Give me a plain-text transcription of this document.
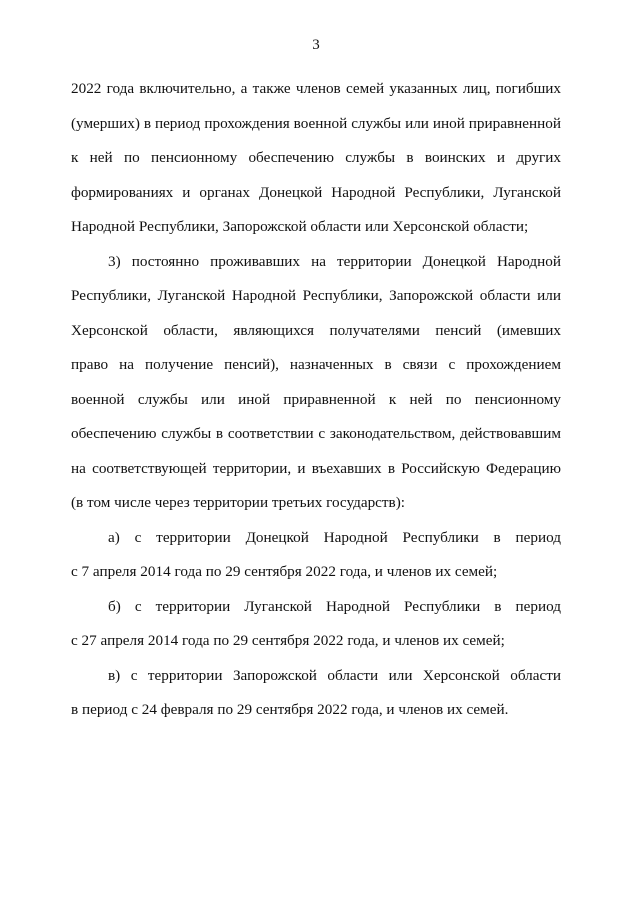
3
2022 года включительно, а также членов семей указанных лиц, погибших
(умерших) в период прохождения военной службы или иной приравненной
к ней по пенсионному обеспечению службы в воинских и других
формированиях и органах Донецкой Народной Республики, Луганской
Народной Республики, Запорожской области или Херсонской области;
3) постоянно проживавших на территории Донецкой Народной
Республики, Луганской Народной Республики, Запорожской области или
Херсонской области, являющихся получателями пенсий (имевших
право на получение пенсий), назначенных в связи с прохождением
военной службы или иной приравненной к ней по пенсионному
обеспечению службы в соответствии с законодательством, действовавшим
на соответствующей территории, и въехавших в Российскую Федерацию
(в том числе через территории третьих государств):
а) с территории Донецкой Народной Республики в период
с 7 апреля 2014 года по 29 сентября 2022 года, и членов их семей;
б) с территории Луганской Народной Республики в период
с 27 апреля 2014 года по 29 сентября 2022 года, и членов их семей;
в) с территории Запорожской области или Херсонской области
в период с 24 февраля по 29 сентября 2022 года, и членов их семей.
